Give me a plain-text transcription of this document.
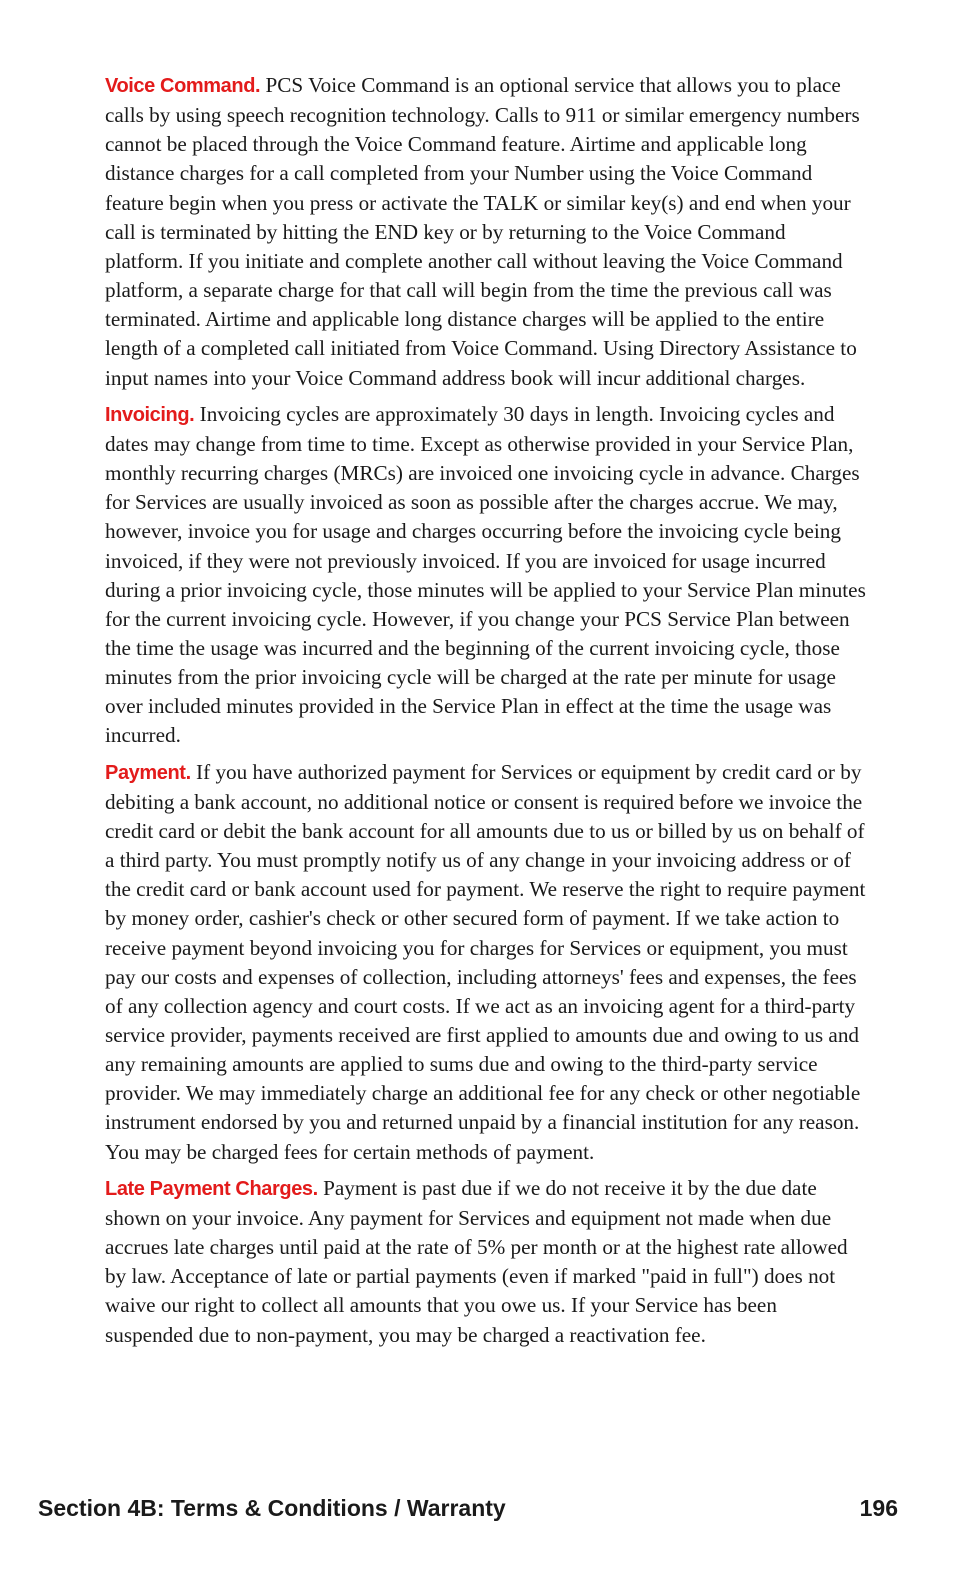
Voice Command. PCS Voice Command is an optional service that allows you to place calls by using speech recognition technology. Calls to 911 or similar emergency numbers cannot be placed through the Voice Command feature. Airtime and applicable long distance charges for a call completed from your Number using the Voice Command feature begin when you press or activate the TALK or similar key(s) and end when your call is terminated by hitting the END key or by returning to the Voice Command platform. If you initiate and complete another call without leaving the Voice Command platform, a separate charge for that call will begin from the time the previous call was terminated. Airtime and applicable long distance charges will be applied to the entire length of a completed call initiated from Voice Command. Using Directory Assistance to input names into your Voice Command address book will incur additional charges.

Invoicing. Invoicing cycles are approximately 30 days in length. Invoicing cycles and dates may change from time to time. Except as otherwise provided in your Service Plan, monthly recurring charges (MRCs) are invoiced one invoicing cycle in advance. Charges for Services are usually invoiced as soon as possible after the charges accrue. We may, however, invoice you for usage and charges occurring before the invoicing cycle being invoiced, if they were not previously invoiced. If you are invoiced for usage incurred during a prior invoicing cycle, those minutes will be applied to your Service Plan minutes for the current invoicing cycle. However, if you change your PCS Service Plan between the time the usage was incurred and the beginning of the current invoicing cycle, those minutes from the prior invoicing cycle will be charged at the rate per minute for usage over included minutes provided in the Service Plan in effect at the time the usage was incurred.

Payment. If you have authorized payment for Services or equipment by credit card or by debiting a bank account, no additional notice or consent is required before we invoice the credit card or debit the bank account for all amounts due to us or billed by us on behalf of a third party. You must promptly notify us of any change in your invoicing address or of the credit card or bank account used for payment. We reserve the right to require payment by money order, cashier's check or other secured form of payment. If we take action to receive payment beyond invoicing you for charges for Services or equipment, you must pay our costs and expenses of collection, including attorneys' fees and expenses, the fees of any collection agency and court costs. If we act as an invoicing agent for a third-party service provider, payments received are first applied to amounts due and owing to us and any remaining amounts are applied to sums due and owing to the third-party service provider. We may immediately charge an additional fee for any check or other negotiable instrument endorsed by you and returned unpaid by a financial institution for any reason. You may be charged fees for certain methods of payment.

Late Payment Charges. Payment is past due if we do not receive it by the due date shown on your invoice. Any payment for Services and equipment not made when due accrues late charges until paid at the rate of 5% per month or at the highest rate allowed by law. Acceptance of late or partial payments (even if marked "paid in full") does not waive our right to collect all amounts that you owe us. If your Service has been suspended due to non-payment, you may be charged a reactivation fee.

Section 4B: Terms & Conditions / Warranty	196
